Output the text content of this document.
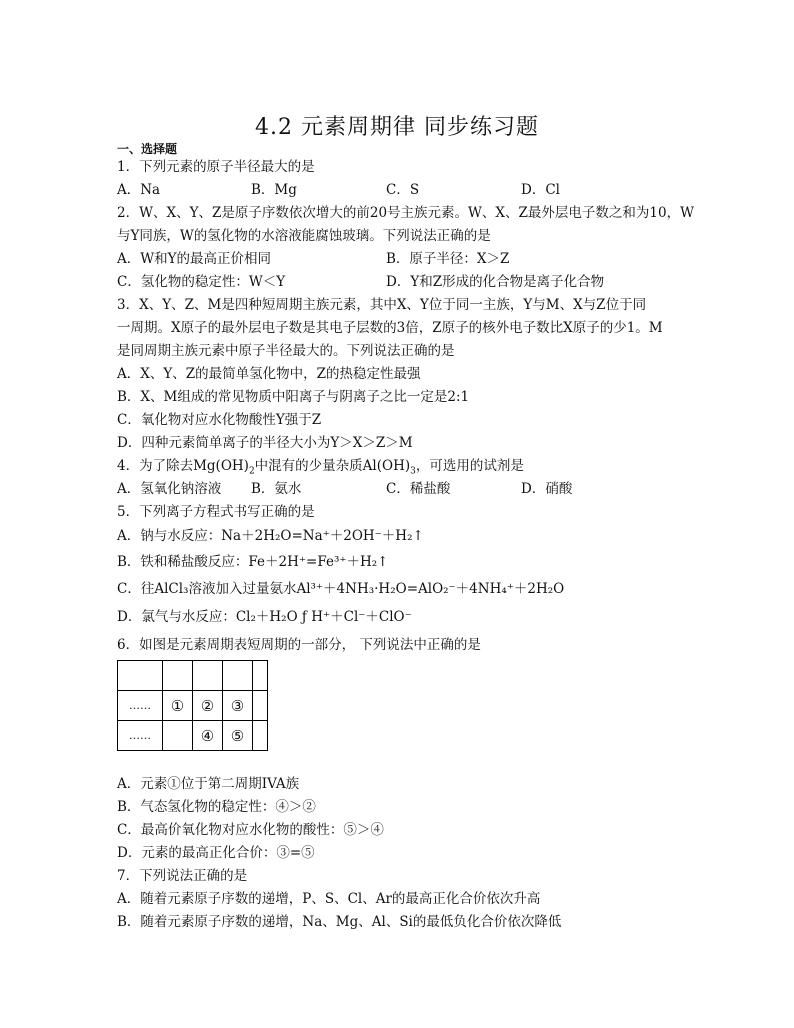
4.2 元素周期律 同步练习题
一、选择题
1．下列元素的原子半径最大的是
A．Na	B．Mg	C．S	D．Cl
2．W、X、Y、Z是原子序数依次增大的前20号主族元素。W、X、Z最外层电子数之和为10，W
与Y同族，W的氢化物的水溶液能腐蚀玻璃。下列说法正确的是
A．W和Y的最高正价相同	B．原子半径：X＞Z
C．氢化物的稳定性：W＜Y	D．Y和Z形成的化合物是离子化合物
3．X、Y、Z、M是四种短周期主族元素，其中X、Y位于同一主族，Y与M、X与Z位于同
一周期。X原子的最外层电子数是其电子层数的3倍，Z原子的核外电子数比X原子的少1。M
是同周期主族元素中原子半径最大的。下列说法正确的是
A．X、Y、Z的最简单氢化物中，Z的热稳定性最强
B．X、M组成的常见物质中阳离子与阴离子之比一定是2:1
C．氧化物对应水化物酸性Y强于Z
D．四种元素简单离子的半径大小为Y＞X＞Z＞M
4．为了除去$Mg(OH)_2$中混有的少量杂质$Al(OH)_3$，可选用的试剂是
A．氢氧化钠溶液 B．氨水	C．稀盐酸	D．硝酸
5．下列离子方程式书写正确的是
A．钠与水反应：Na＋2H₂O=Na⁺＋2OH⁻＋H₂↑
B．铁和稀盐酸反应：Fe＋2H⁺=Fe³⁺＋H₂↑
C．往AlCl₃溶液加入过量氨水Al³⁺＋4NH₃·H₂O=AlO₂⁻＋4NH₄⁺＋2H₂O
D．氯气与水反应：Cl₂＋H₂O ƒ H⁺＋Cl⁻＋ClO⁻
6．如图是元素周期表短周期的一部分， 下列说法中正确的是

……	①	②	③	
……		④	⑤	
A．元素①位于第二周期IVA族
B．气态氢化物的稳定性：④＞②
C．最高价氧化物对应水化物的酸性：⑤＞④
D．元素的最高正化合价：③=⑤
7．下列说法正确的是
A．随着元素原子序数的递增，P、S、Cl、Ar的最高正化合价依次升高
B．随着元素原子序数的递增，Na、Mg、Al、Si的最低负化合价依次降低
